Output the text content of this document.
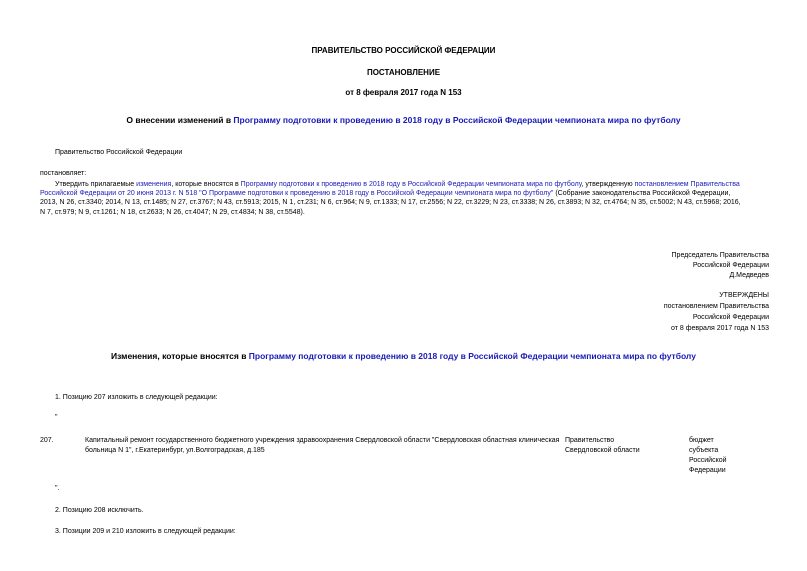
ПРАВИТЕЛЬСТВО РОССИЙСКОЙ ФЕДЕРАЦИИ
ПОСТАНОВЛЕНИЕ
от 8 февраля 2017 года N 153
О внесении изменений в Программу подготовки к проведению в 2018 году в Российской Федерации чемпионата мира по футболу
Правительство Российской Федерации
постановляет:
Утвердить прилагаемые изменения, которые вносятся в Программу подготовки к проведению в 2018 году в Российской Федерации чемпионата мира по футболу, утвержденную постановлением Правительства
Российской Федерации от 20 июня 2013 г. N 518 "О Программе подготовки к проведению в 2018 году в Российской Федерации чемпионата мира по футболу" (Собрание законодательства Российской Федерации,
2013, N 26, ст.3340; 2014, N 13, ст.1485; N 27, ст.3767; N 43, ст.5913; 2015, N 1, ст.231; N 6, ст.964; N 9, ст.1333; N 17, ст.2556; N 22, ст.3229; N 23, ст.3338; N 26, ст.3893; N 32, ст.4764; N 35, ст.5002; N 43, ст.5968; 2016,
N 7, ст.979; N 9, ст.1261; N 18, ст.2633; N 26, ст.4047; N 29, ст.4834; N 38, ст.5548).
Председатель Правительства
Российской Федерации
Д.Медведев
УТВЕРЖДЕНЫ
постановлением Правительства
Российской Федерации
от 8 февраля 2017 года N 153
Изменения, которые вносятся в Программу подготовки к проведению в 2018 году в Российской Федерации чемпионата мира по футболу
1. Позицию 207 изложить в следующей редакции:
"
207.	Капитальный ремонт государственного бюджетного учреждения здравоохранения Свердловской области "Свердловская областная клиническая
больница N 1", г.Екатеринбург, ул.Волгоградская, д.185
Правительство
Свердловской области
бюджет
субъекта
Российской
Федерации
".
2. Позицию 208 исключить.
3. Позиции 209 и 210 изложить в следующей редакции:
